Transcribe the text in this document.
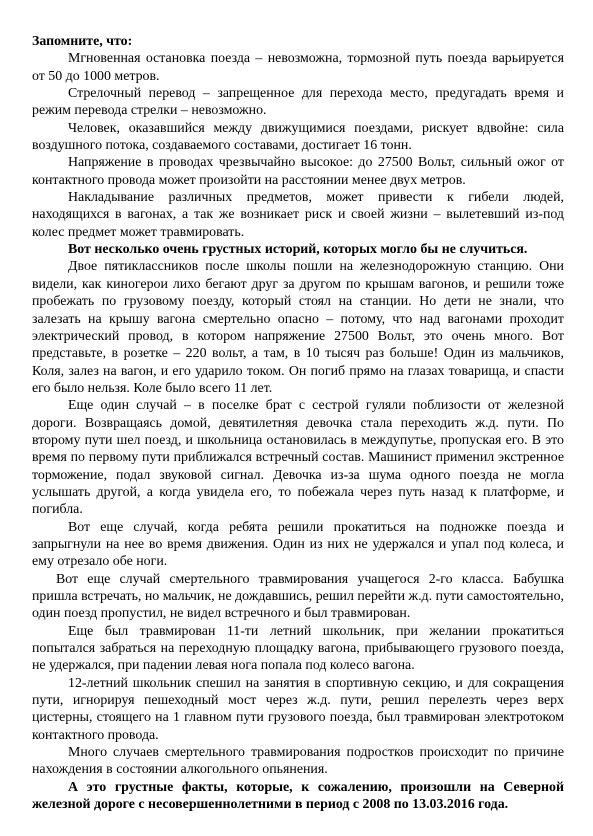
Запомните, что:

Мгновенная остановка поезда – невозможна, тормозной путь поезда варьируется от 50 до 1000 метров.

Стрелочный перевод – запрещенное для перехода место, предугадать время и режим перевода стрелки – невозможно.

Человек, оказавшийся между движущимися поездами, рискует вдвойне: сила воздушного потока, создаваемого составами, достигает 16 тонн.

Напряжение в проводах чрезвычайно высокое: до 27500 Вольт, сильный ожог от контактного провода может произойти на расстоянии менее двух метров.

Накладывание различных предметов, может привести к гибели людей, находящихся в вагонах, а так же возникает риск и своей жизни – вылетевший из-под колес предмет может травмировать.

Вот несколько очень грустных историй, которых могло бы не случиться.

Двое пятиклассников после школы пошли на железнодорожную станцию. Они видели, как киногерои лихо бегают друг за другом по крышам вагонов, и решили тоже пробежать по грузовому поезду, который стоял на станции. Но дети не знали, что залезать на крышу вагона смертельно опасно – потому, что над вагонами проходит электрический провод, в котором напряжение 27500 Вольт, это очень много. Вот представьте, в розетке – 220 вольт, а там, в 10 тысяч раз больше! Один из мальчиков, Коля, залез на вагон, и его ударило током. Он погиб прямо на глазах товарища, и спасти его было нельзя. Коле было всего 11 лет.

Еще один случай – в поселке брат с сестрой гуляли поблизости от железной дороги. Возвращаясь домой, девятилетняя девочка стала переходить ж.д. пути. По второму пути шел поезд, и школьница остановилась в междупутье, пропуская его. В это время по первому пути приближался встречный состав. Машинист применил экстренное торможение, подал звуковой сигнал. Девочка из-за шума одного поезда не могла услышать другой, а когда увидела его, то побежала через путь назад к платформе, и погибла.

Вот еще случай, когда ребята решили прокатиться на подножке поезда и запрыгнули на нее во время движения. Один из них не удержался и упал под колеса, и ему отрезало обе ноги.

Вот еще случай смертельного травмирования учащегося 2-го класса. Бабушка пришла встречать, но мальчик, не дождавшись, решил перейти ж.д. пути самостоятельно, один поезд пропустил, не видел встречного и был травмирован.

Еще был травмирован 11-ти летний школьник, при желании прокатиться попытался забраться на переходную площадку вагона, прибывающего грузового поезда, не удержался, при падении левая нога попала под колесо вагона.

12-летний школьник спешил на занятия в спортивную секцию, и для сокращения пути, игнорируя пешеходный мост через ж.д. пути, решил перелезть через верх цистерны, стоящего на 1 главном пути грузового поезда, был травмирован электротоком контактного провода.

Много случаев смертельного травмирования подростков происходит по причине нахождения в состоянии алкогольного опьянения.

А это грустные факты, которые, к сожалению, произошли на Северной железной дороге с несовершеннолетними в период с 2008 по 13.03.2016 года.
